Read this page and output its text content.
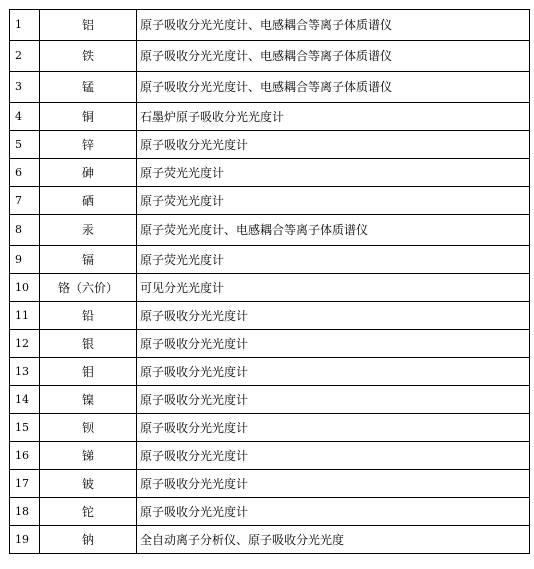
1	铝	原子吸收分光光度计、电感耦合等离子体质谱仪
2	铁	原子吸收分光光度计、电感耦合等离子体质谱仪
3	锰	原子吸收分光光度计、电感耦合等离子体质谱仪
4	铜	石墨炉原子吸收分光光度计
5	锌	原子吸收分光光度计
6	砷	原子荧光光度计
7	硒	原子荧光光度计
8	汞	原子荧光光度计、电感耦合等离子体质谱仪
9	镉	原子荧光光度计
10	铬（六价）	可见分光光度计
11	铅	原子吸收分光光度计
12	银	原子吸收分光光度计
13	钼	原子吸收分光光度计
14	镍	原子吸收分光光度计
15	钡	原子吸收分光光度计
16	锑	原子吸收分光光度计
17	铍	原子吸收分光光度计
18	铊	原子吸收分光光度计
19	钠	全自动离子分析仪、原子吸收分光光度
